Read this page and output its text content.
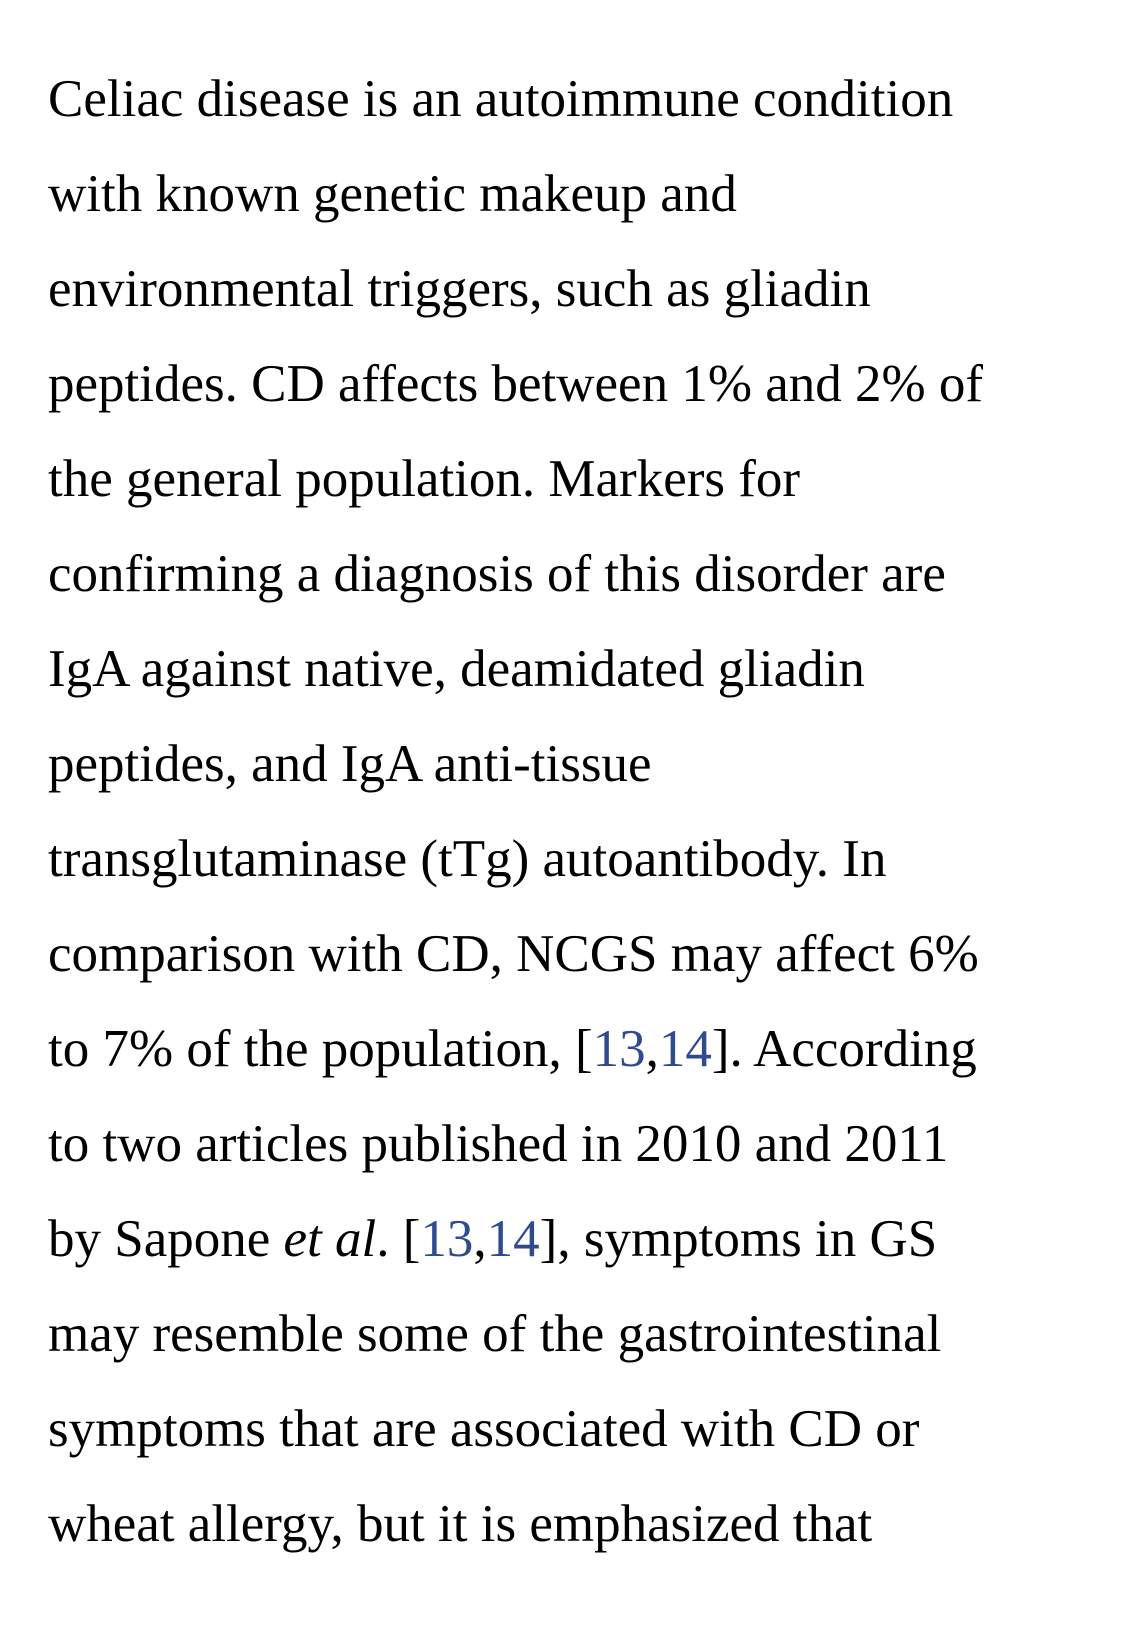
Celiac disease is an autoimmune condition
with known genetic makeup and
environmental triggers, such as gliadin
peptides. CD affects between 1% and 2% of
the general population. Markers for
confirming a diagnosis of this disorder are
IgA against native, deamidated gliadin
peptides, and IgA anti-tissue
transglutaminase (tTg) autoantibody. In
comparison with CD, NCGS may affect 6%
to 7% of the population, [13,14]. According
to two articles published in 2010 and 2011
by Sapone et al. [13,14], symptoms in GS
may resemble some of the gastrointestinal
symptoms that are associated with CD or
wheat allergy, but it is emphasized that
